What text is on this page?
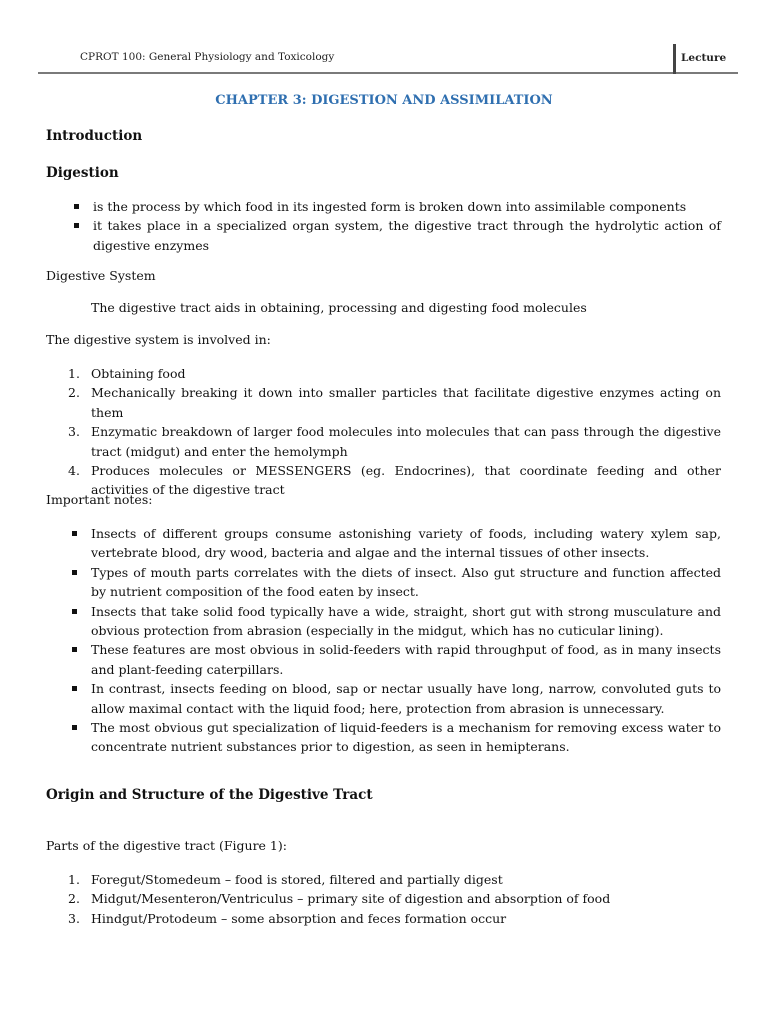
CPROT 100: General Physiology and Toxicology	Lecture
CHAPTER 3: DIGESTION AND ASSIMILATION
Introduction
Digestion
is the process by which food in its ingested form is broken down into assimilable components
it takes place in a specialized organ system, the digestive tract through the hydrolytic action of digestive enzymes

Digestive System

The digestive tract aids in obtaining, processing and digesting food molecules

The digestive system is involved in:

1. Obtaining food
2. Mechanically breaking it down into smaller particles that facilitate digestive enzymes acting on them
3. Enzymatic breakdown of larger food molecules into molecules that can pass through the digestive tract (midgut) and enter the hemolymph
4. Produces molecules or MESSENGERS (eg. Endocrines), that coordinate feeding and other activities of the digestive tract

Important notes:

Insects of different groups consume astonishing variety of foods, including watery xylem sap, vertebrate blood, dry wood, bacteria and algae and the internal tissues of other insects.
Types of mouth parts correlates with the diets of insect. Also gut structure and function affected by nutrient composition of the food eaten by insect.
Insects that take solid food typically have a wide, straight, short gut with strong musculature and obvious protection from abrasion (especially in the midgut, which has no cuticular lining).
These features are most obvious in solid-feeders with rapid throughput of food, as in many insects and plant-feeding caterpillars.
In contrast, insects feeding on blood, sap or nectar usually have long, narrow, convoluted guts to allow maximal contact with the liquid food; here, protection from abrasion is unnecessary.
The most obvious gut specialization of liquid-feeders is a mechanism for removing excess water to concentrate nutrient substances prior to digestion, as seen in hemipterans.
Origin and Structure of the Digestive Tract

Parts of the digestive tract (Figure 1):

1. Foregut/Stomedeum – food is stored, filtered and partially digest
2. Midgut/Mesenteron/Ventriculus – primary site of digestion and absorption of food
3. Hindgut/Protodeum – some absorption and feces formation occur
